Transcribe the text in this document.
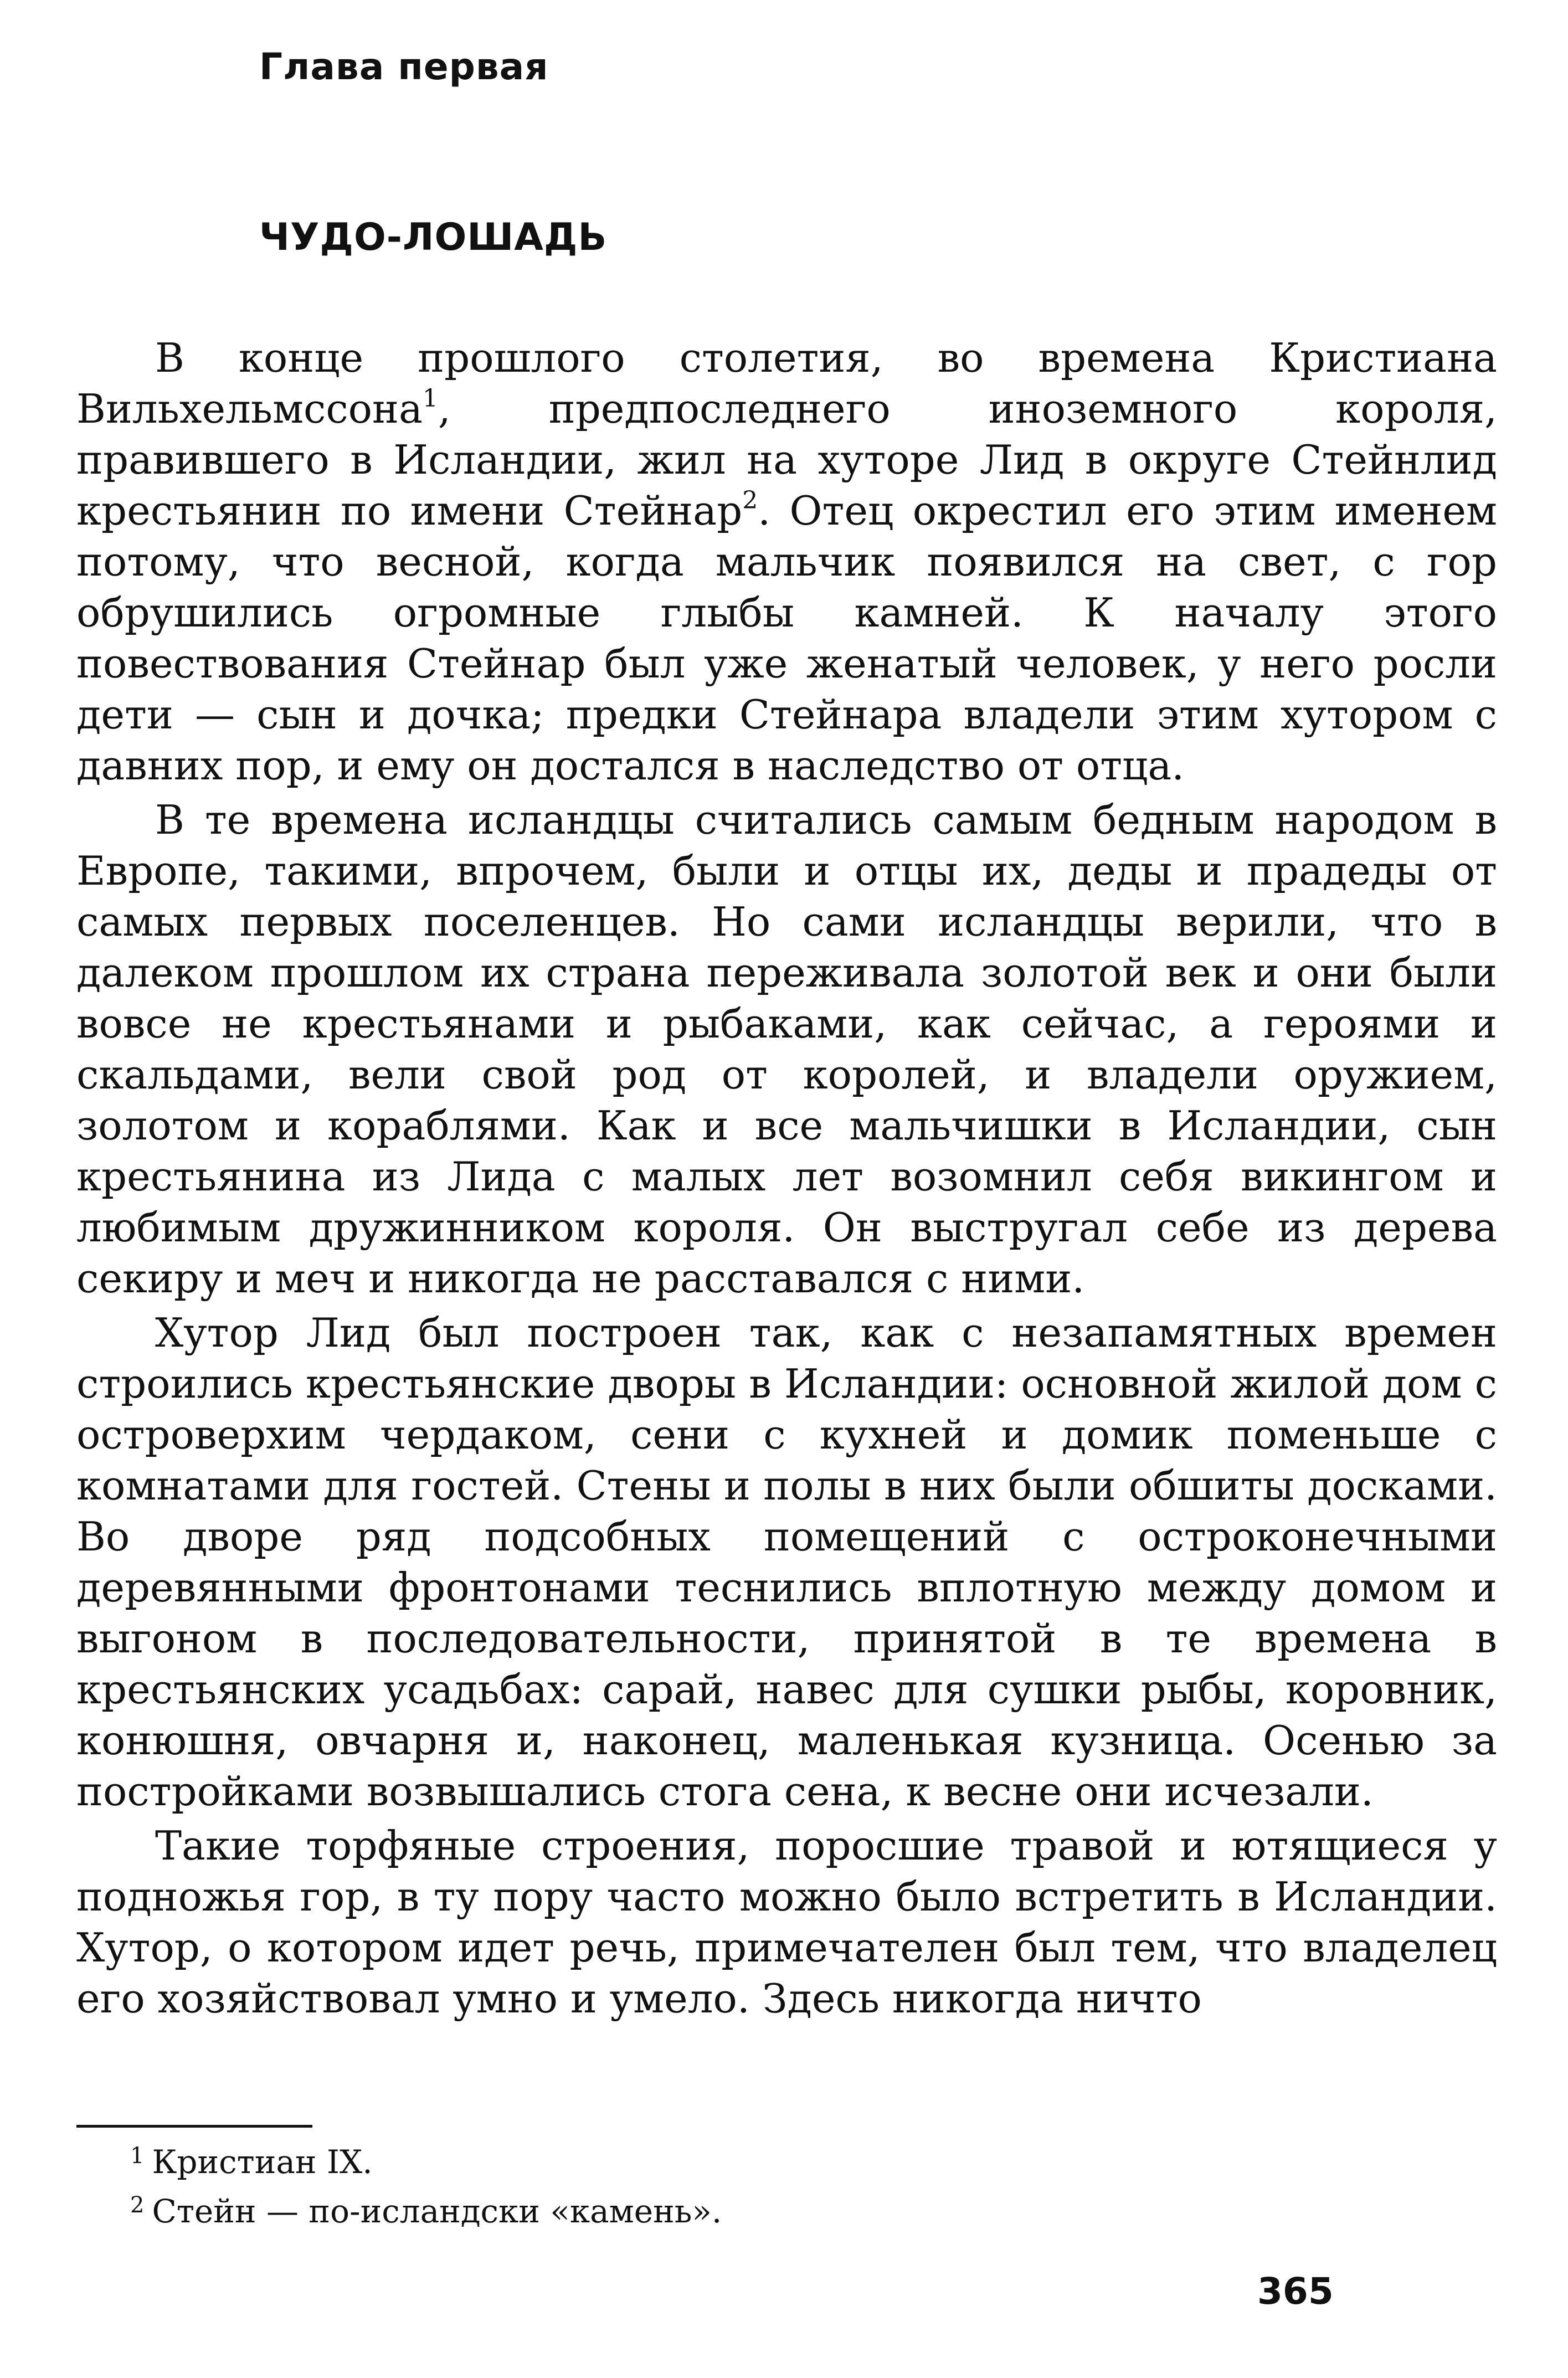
Глава первая
ЧУДО-ЛОШАДЬ

В конце прошлого столетия, во времена Кристиана Вильхельмссона$^1$, предпоследнего иноземного короля, правившего в Исландии, жил на хуторе Лид в округе Стейнлид крестьянин по имени Стейнар$^2$. Отец окрестил его этим именем потому, что весной, когда мальчик появился на свет, с гор обрушились огромные глыбы камней. К началу этого повествования Стейнар был уже женатый человек, у него росли дети — сын и дочка; предки Стейнара владели этим хутором с давних пор, и ему он достался в наследство от отца.

В те времена исландцы считались самым бедным народом в Европе, такими, впрочем, были и отцы их, деды и прадеды от самых первых поселенцев. Но сами исландцы верили, что в далеком прошлом их страна переживала золотой век и они были вовсе не крестьянами и рыбаками, как сейчас, а героями и скальдами, вели свой род от королей, и владели оружием, золотом и кораблями. Как и все мальчишки в Исландии, сын крестьянина из Лида с малых лет возомнил себя викингом и любимым дружинником короля. Он выстругал себе из дерева секиру и меч и никогда не расставался с ними.

Хутор Лид был построен так, как с незапамятных времен строились крестьянские дворы в Исландии: основной жилой дом с островерхим чердаком, сени с кухней и домик поменьше с комнатами для гостей. Стены и полы в них были обшиты досками. Во дворе ряд подсобных помещений с остроконечными деревянными фронтонами теснились вплотную между домом и выгоном в последовательности, принятой в те времена в крестьянских усадьбах: сарай, навес для сушки рыбы, коровник, конюшня, овчарня и, наконец, маленькая кузница. Осенью за постройками возвышались стога сена, к весне они исчезали.

Такие торфяные строения, поросшие травой и ютящиеся у подножья гор, в ту пору часто можно было встретить в Исландии. Хутор, о котором идет речь, примечателен был тем, что владелец его хозяйствовал умно и умело. Здесь никогда ничто

$^1$ Кристиан IX.

$^2$ Стейн — по-исландски «камень».

365
